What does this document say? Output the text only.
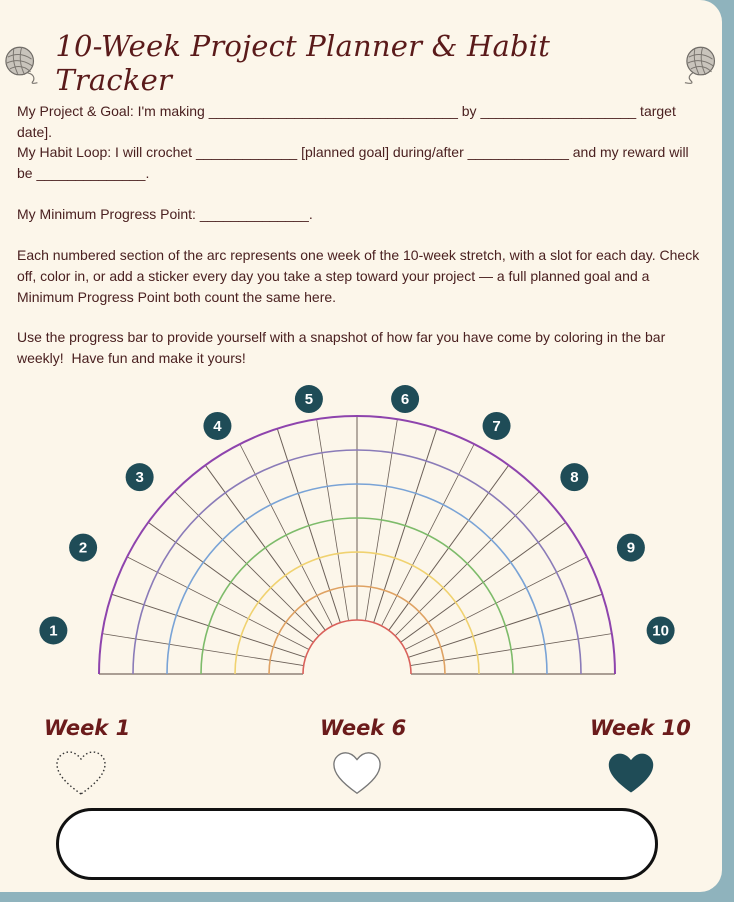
10-Week Project Planner & Habit Tracker

My Project & Goal: I'm making ________________________________ by ____________________ target date].

My Habit Loop: I will crochet _____________ [planned goal] during/after _____________ and my reward will be ______________.

My Minimum Progress Point: ______________.

Each numbered section of the arc represents one week of the 10-week stretch, with a slot for each day. Check off, color in, or add a sticker every day you take a step toward your project — a full planned goal and a Minimum Progress Point both count the same here.

Use the progress bar to provide yourself with a snapshot of how far you have come by coloring in the bar weekly!  Have fun and make it yours!

1
2
3
4
5	6
7
8
9
10
Week 1	Week 6	Week 10
